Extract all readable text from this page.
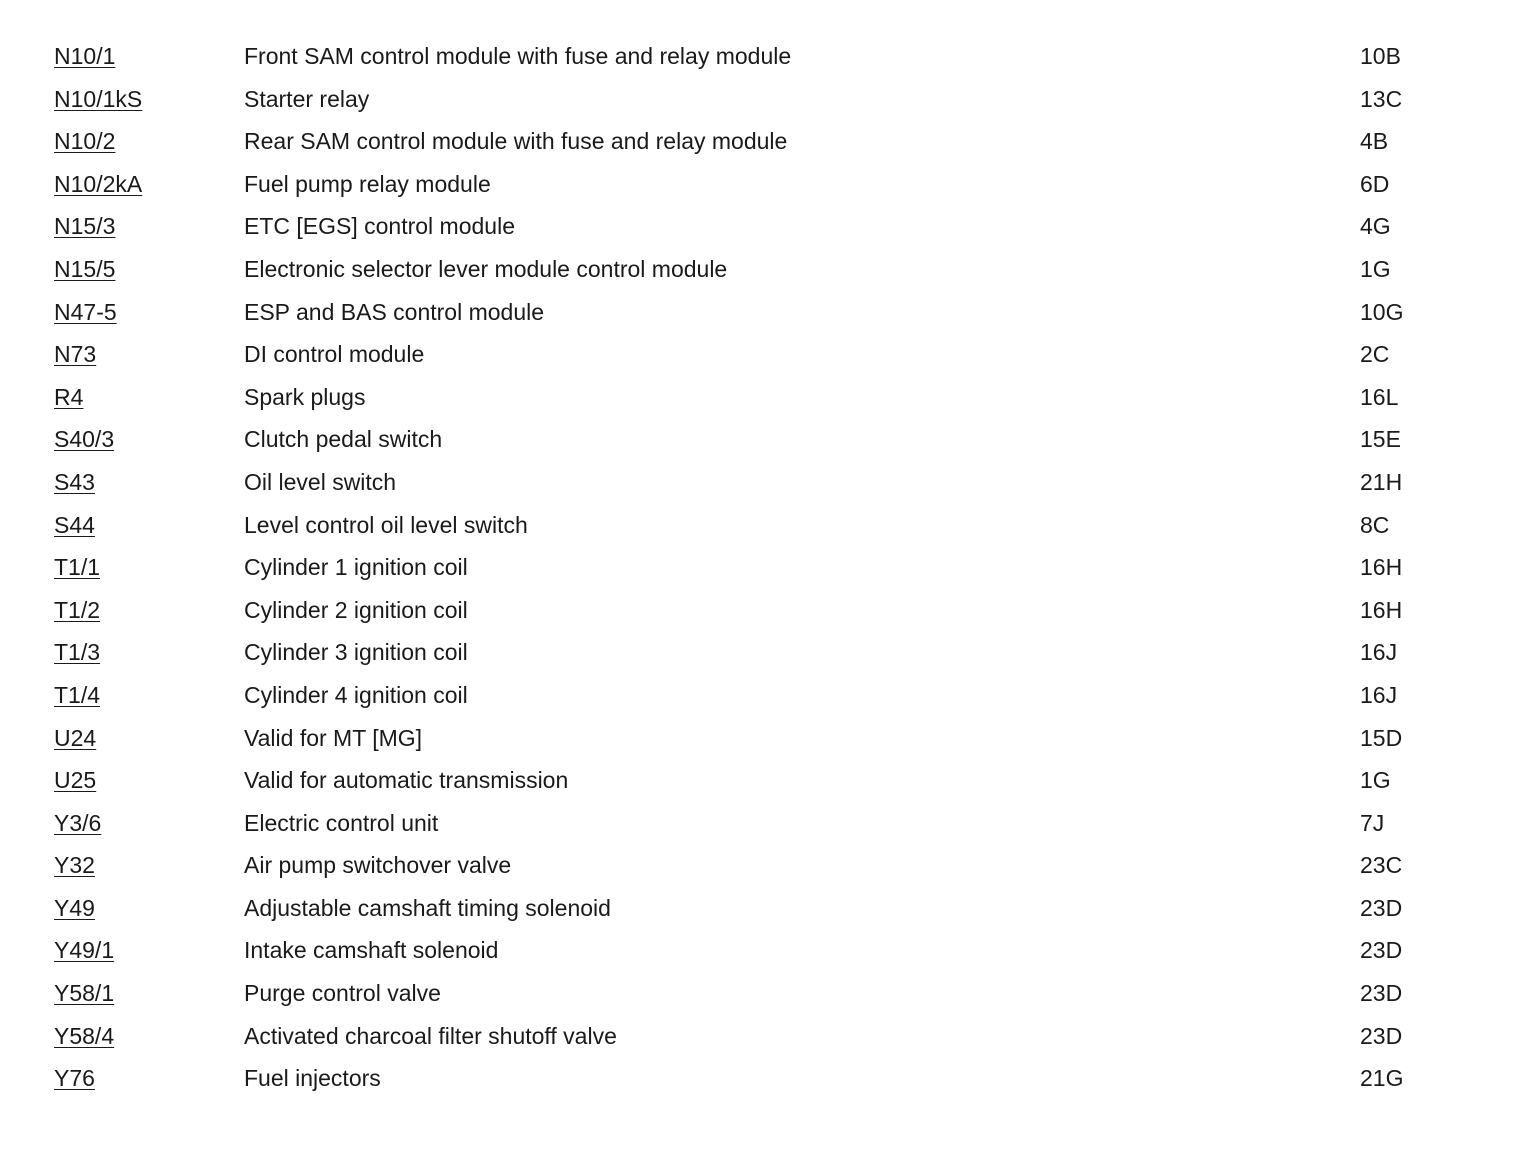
N10/1	Front SAM control module with fuse and relay module	10B
N10/1kS	Starter relay	13C
N10/2	Rear SAM control module with fuse and relay module	4B
N10/2kA	Fuel pump relay module	6D
N15/3	ETC [EGS] control module	4G
N15/5	Electronic selector lever module control module	1G
N47-5	ESP and BAS control module	10G
N73	DI control module	2C
R4	Spark plugs	16L
S40/3	Clutch pedal switch	15E
S43	Oil level switch	21H
S44	Level control oil level switch	8C
T1/1	Cylinder 1 ignition coil	16H
T1/2	Cylinder 2 ignition coil	16H
T1/3	Cylinder 3 ignition coil	16J
T1/4	Cylinder 4 ignition coil	16J
U24	Valid for MT [MG]	15D
U25	Valid for automatic transmission	1G
Y3/6	Electric control unit	7J
Y32	Air pump switchover valve	23C
Y49	Adjustable camshaft timing solenoid	23D
Y49/1	Intake camshaft solenoid	23D
Y58/1	Purge control valve	23D
Y58/4	Activated charcoal filter shutoff valve	23D
Y76	Fuel injectors	21G
